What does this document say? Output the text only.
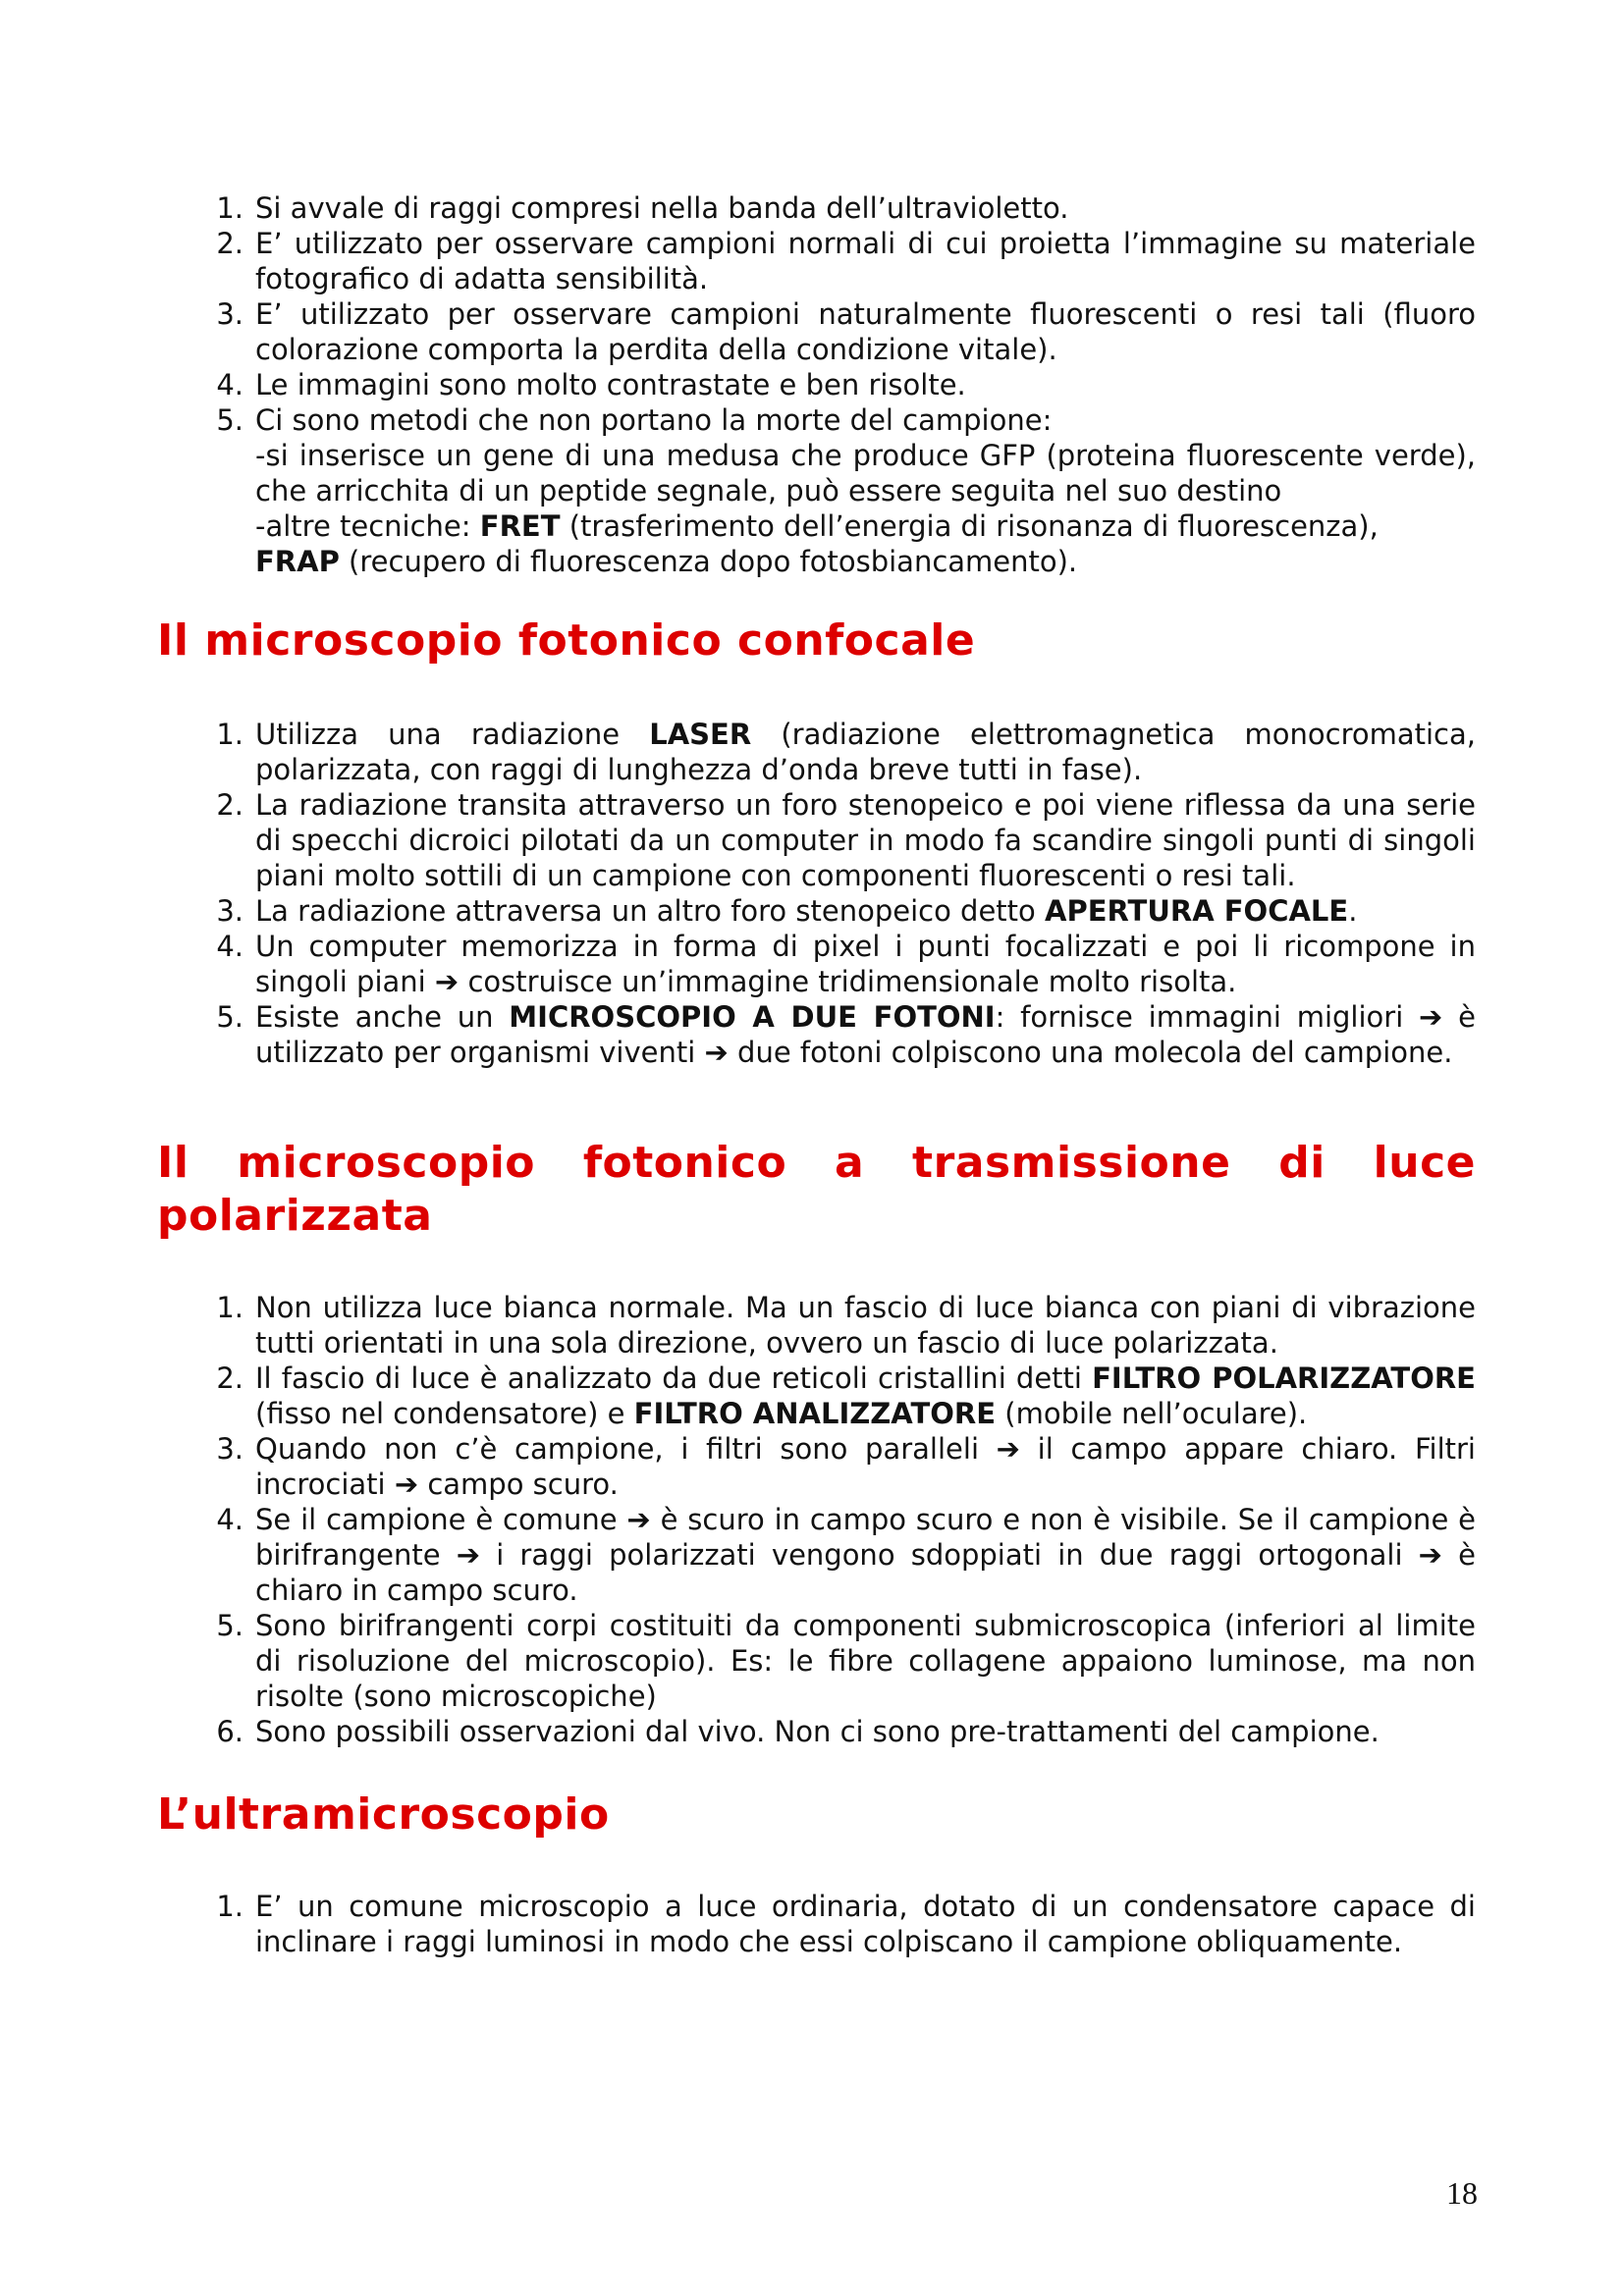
1. Si avvale di raggi compresi nella banda dell’ultravioletto.
2. E’ utilizzato per osservare campioni normali di cui proietta l’immagine su materiale fotografico di adatta sensibilità.
3. E’ utilizzato per osservare campioni naturalmente fluorescenti o resi tali (fluoro colorazione comporta la perdita della condizione vitale).
4. Le immagini sono molto contrastate e ben risolte.
5. Ci sono metodi che non portano la morte del campione:
-si inserisce un gene di una medusa che produce GFP (proteina fluorescente verde), che arricchita di un peptide segnale, può essere seguita nel suo destino
-altre tecniche: FRET (trasferimento dell’energia di risonanza di fluorescenza),
FRAP (recupero di fluorescenza dopo fotosbiancamento).
Il microscopio fotonico confocale
1. Utilizza una radiazione LASER (radiazione elettromagnetica monocromatica, polarizzata, con raggi di lunghezza d’onda breve tutti in fase).
2. La radiazione transita attraverso un foro stenopeico e poi viene riflessa da una serie di specchi dicroici pilotati da un computer in modo fa scandire singoli punti di singoli piani molto sottili di un campione con componenti fluorescenti o resi tali.
3. La radiazione attraversa un altro foro stenopeico detto APERTURA FOCALE.
4. Un computer memorizza in forma di pixel i punti focalizzati e poi li ricompone in singoli piani ➔ costruisce un’immagine tridimensionale molto risolta.
5. Esiste anche un MICROSCOPIO A DUE FOTONI: fornisce immagini migliori ➔ è utilizzato per organismi viventi ➔ due fotoni colpiscono una molecola del campione.
Il microscopio fotonico a trasmissione di luce polarizzata
1. Non utilizza luce bianca normale. Ma un fascio di luce bianca con piani di vibrazione tutti orientati in una sola direzione, ovvero un fascio di luce polarizzata.
2. Il fascio di luce è analizzato da due reticoli cristallini detti FILTRO POLARIZZATORE (fisso nel condensatore) e FILTRO ANALIZZATORE (mobile nell’oculare).
3. Quando non c’è campione, i filtri sono paralleli ➔ il campo appare chiaro. Filtri incrociati ➔ campo scuro.
4. Se il campione è comune ➔ è scuro in campo scuro e non è visibile. Se il campione è birifrangente ➔ i raggi polarizzati vengono sdoppiati in due raggi ortogonali ➔ è chiaro in campo scuro.
5. Sono birifrangenti corpi costituiti da componenti submicroscopica (inferiori al limite di risoluzione del microscopio). Es: le fibre collagene appaiono luminose, ma non risolte (sono microscopiche)
6. Sono possibili osservazioni dal vivo. Non ci sono pre-trattamenti del campione.
L’ultramicroscopio
1. E’ un comune microscopio a luce ordinaria, dotato di un condensatore capace di inclinare i raggi luminosi in modo che essi colpiscano il campione obliquamente.
18
